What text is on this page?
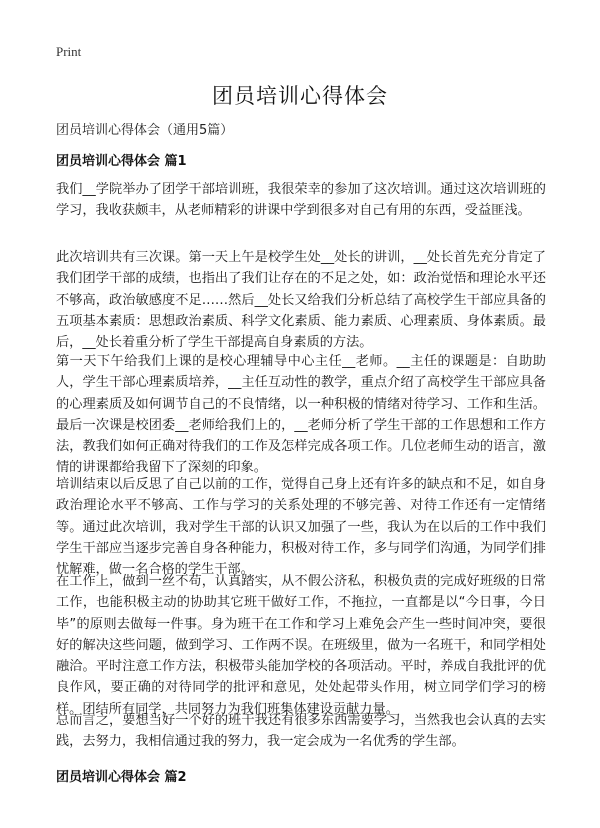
Print
团员培训心得体会
团员培训心得体会（通用5篇）
团员培训心得体会 篇1

我们__学院举办了团学干部培训班，我很荣幸的参加了这次培训。通过这次培训班的学习，我收获颇丰，从老师精彩的讲课中学到很多对自己有用的东西，受益匪浅。

此次培训共有三次课。第一天上午是校学生处__处长的讲训，__处长首先充分肯定了我们团学干部的成绩，也指出了我们让存在的不足之处，如：政治觉悟和理论水平还不够高，政治敏感度不足……然后__处长又给我们分析总结了高校学生干部应具备的五项基本素质：思想政治素质、科学文化素质、能力素质、心理素质、身体素质。最后，__处长着重分析了学生干部提高自身素质的方法。

第一天下午给我们上课的是校心理辅导中心主任__老师。__主任的课题是：自助助人，学生干部心理素质培养，__主任互动性的教学，重点介绍了高校学生干部应具备的心理素质及如何调节自己的不良情绪，以一种积极的情绪对待学习、工作和生活。最后一次课是校团委__老师给我们上的，__老师分析了学生干部的工作思想和工作方法，教我们如何正确对待我们的工作及怎样完成各项工作。几位老师生动的语言，激情的讲课都给我留下了深刻的印象。

培训结束以后反思了自己以前的工作，觉得自己身上还有许多的缺点和不足，如自身政治理论水平不够高、工作与学习的关系处理的不够完善、对待工作还有一定情绪等。通过此次培训，我对学生干部的认识又加强了一些，我认为在以后的工作中我们学生干部应当逐步完善自身各种能力，积极对待工作，多与同学们沟通，为同学们排忧解难，做一名合格的学生干部。

在工作上，做到一丝不苟，认真踏实，从不假公济私，积极负责的完成好班级的日常工作，也能积极主动的协助其它班干做好工作，不拖拉，一直都是以“今日事，今日毕”的原则去做每一件事。身为班干在工作和学习上难免会产生一些时间冲突，要很好的解决这些问题，做到学习、工作两不误。在班级里，做为一名班干，和同学相处融洽。平时注意工作方法，积极带头能加学校的各项活动。平时，养成自我批评的优良作风，要正确的对待同学的批评和意见，处处起带头作用，树立同学们学习的榜样。团结所有同学，共同努力为我们班集体建设贡献力量。

总而言之，要想当好一个好的班干我还有很多东西需要学习，当然我也会认真的去实践，去努力，我相信通过我的努力，我一定会成为一名优秀的学生部。

团员培训心得体会 篇2
